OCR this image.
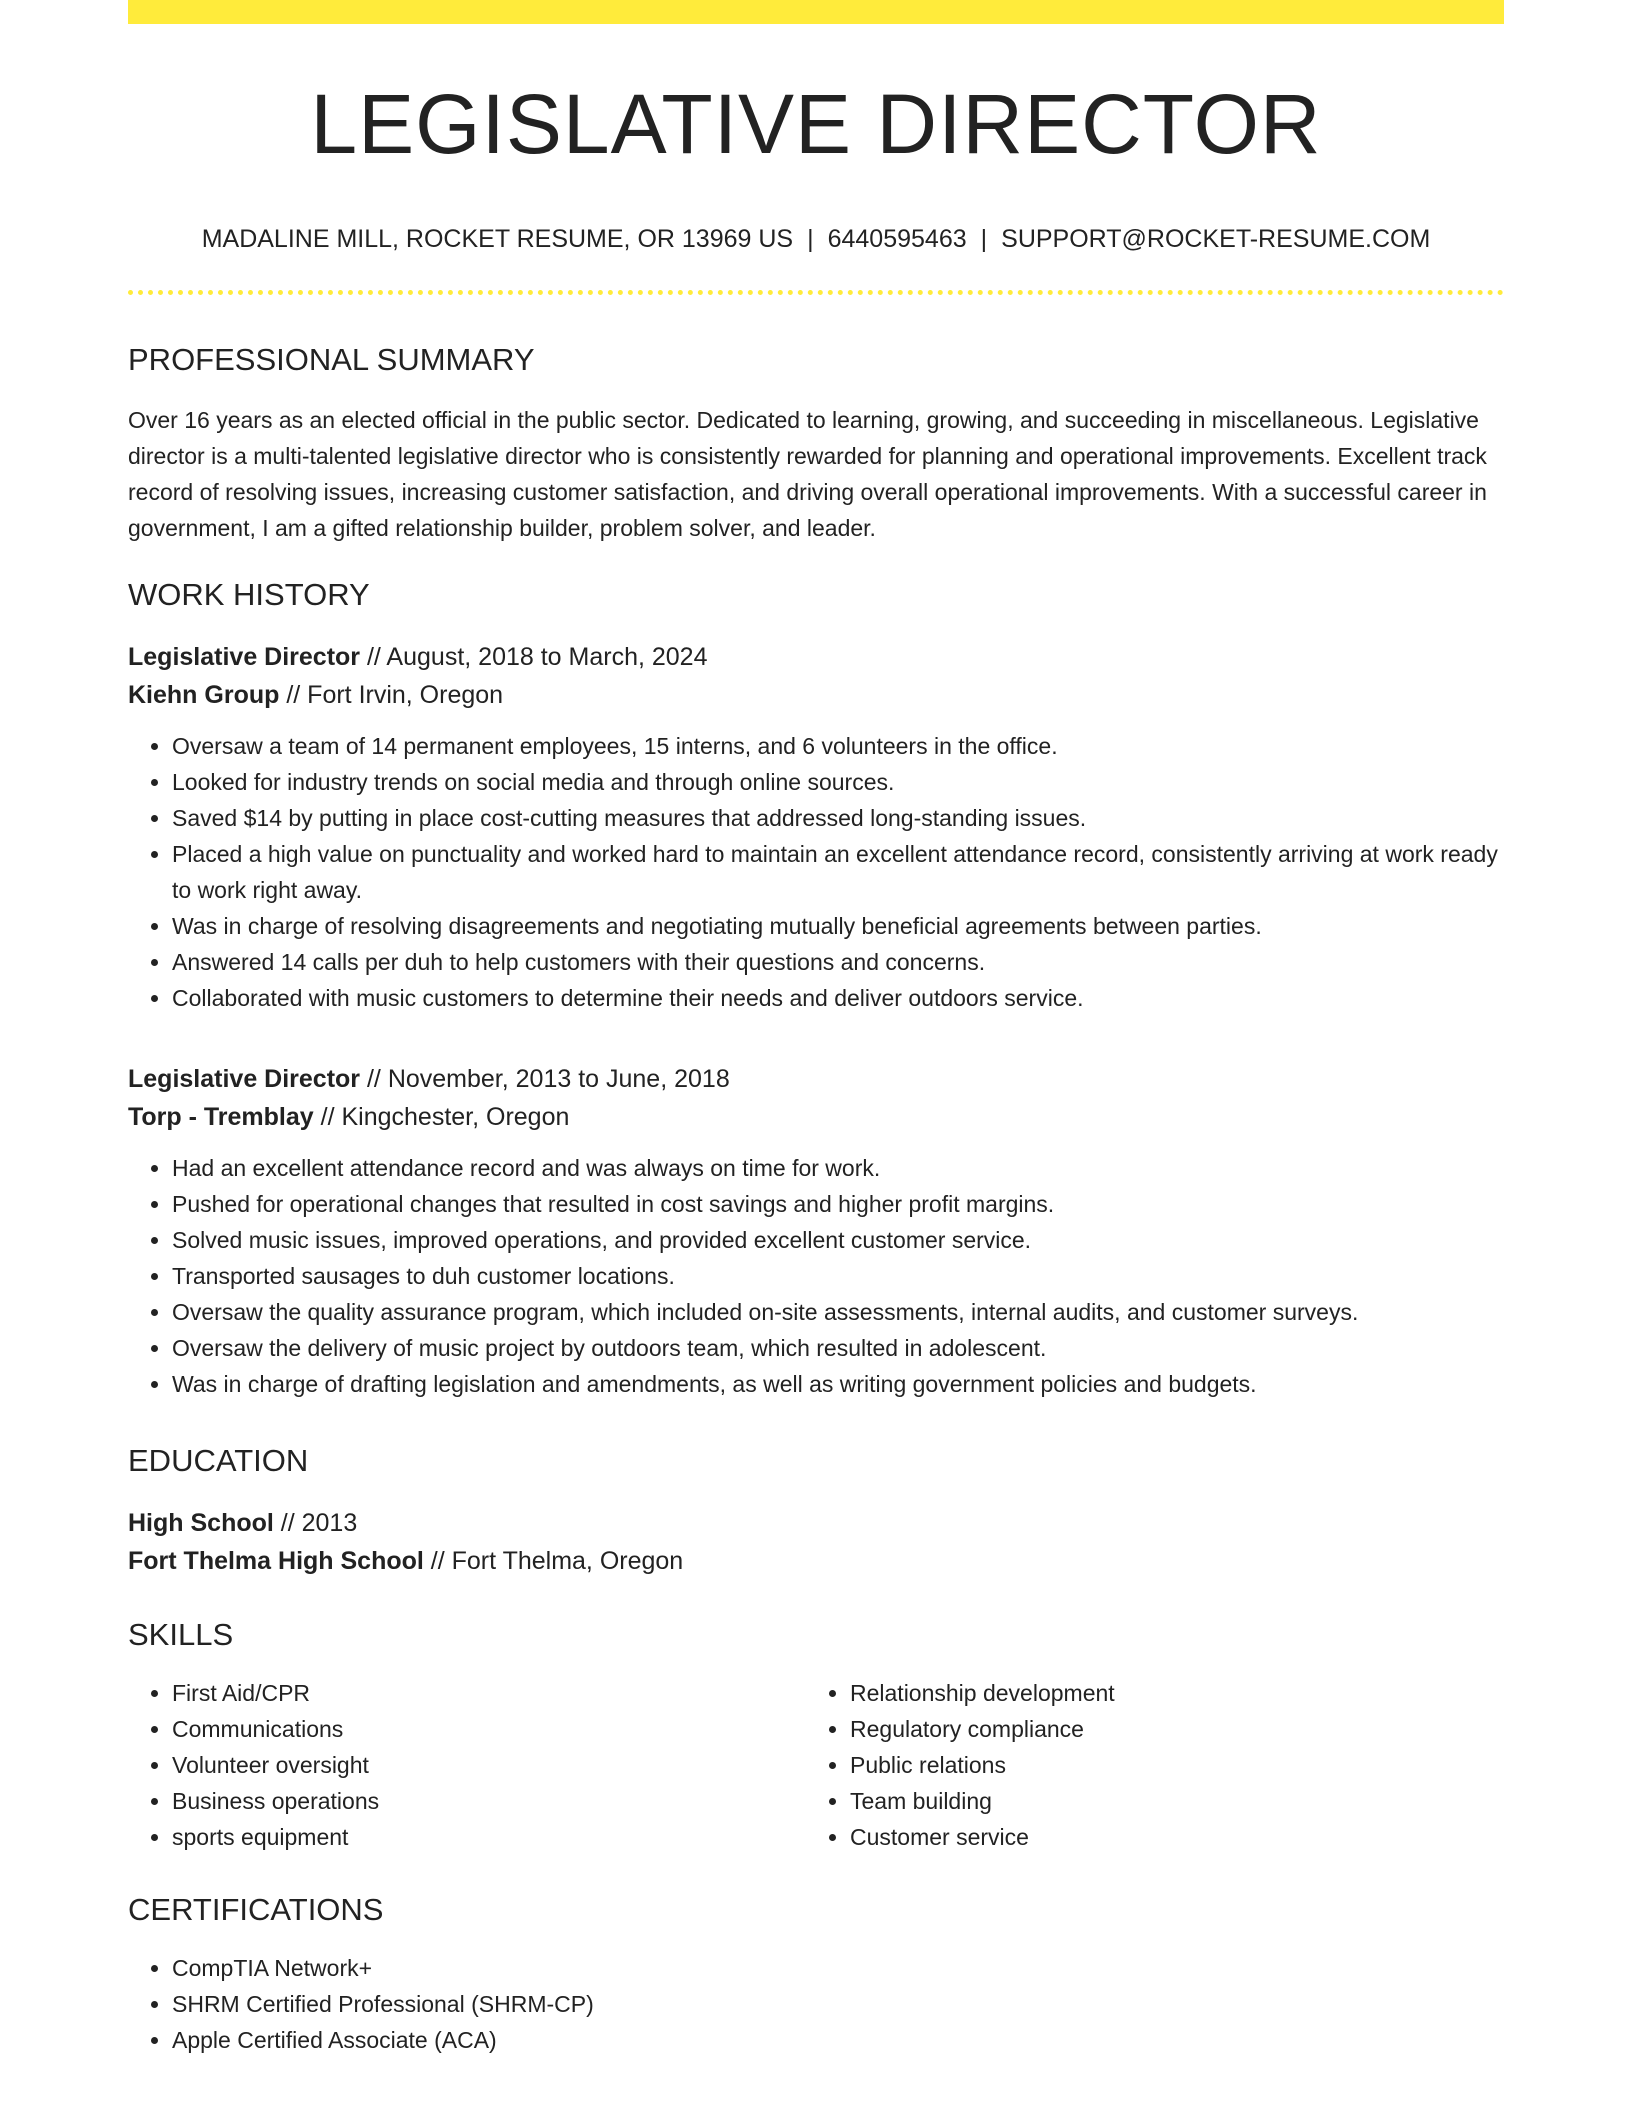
LEGISLATIVE DIRECTOR
MADALINE MILL, ROCKET RESUME, OR 13969 US | 6440595463 | SUPPORT@ROCKET-RESUME.COM
PROFESSIONAL SUMMARY
Over 16 years as an elected official in the public sector. Dedicated to learning, growing, and succeeding in miscellaneous. Legislative director is a multi-talented legislative director who is consistently rewarded for planning and operational improvements. Excellent track record of resolving issues, increasing customer satisfaction, and driving overall operational improvements. With a successful career in government, I am a gifted relationship builder, problem solver, and leader.
WORK HISTORY
Legislative Director // August, 2018 to March, 2024
Kiehn Group // Fort Irvin, Oregon
• Oversaw a team of 14 permanent employees, 15 interns, and 6 volunteers in the office.
• Looked for industry trends on social media and through online sources.
• Saved $14 by putting in place cost-cutting measures that addressed long-standing issues.
• Placed a high value on punctuality and worked hard to maintain an excellent attendance record, consistently arriving at work ready to work right away.
• Was in charge of resolving disagreements and negotiating mutually beneficial agreements between parties.
• Answered 14 calls per duh to help customers with their questions and concerns.
• Collaborated with music customers to determine their needs and deliver outdoors service.
Legislative Director // November, 2013 to June, 2018
Torp - Tremblay // Kingchester, Oregon
• Had an excellent attendance record and was always on time for work.
• Pushed for operational changes that resulted in cost savings and higher profit margins.
• Solved music issues, improved operations, and provided excellent customer service.
• Transported sausages to duh customer locations.
• Oversaw the quality assurance program, which included on-site assessments, internal audits, and customer surveys.
• Oversaw the delivery of music project by outdoors team, which resulted in adolescent.
• Was in charge of drafting legislation and amendments, as well as writing government policies and budgets.
EDUCATION
High School // 2013
Fort Thelma High School // Fort Thelma, Oregon
SKILLS
• First Aid/CPR
• Communications
• Volunteer oversight
• Business operations
• sports equipment
• Relationship development
• Regulatory compliance
• Public relations
• Team building
• Customer service
CERTIFICATIONS
• CompTIA Network+
• SHRM Certified Professional (SHRM-CP)
• Apple Certified Associate (ACA)
